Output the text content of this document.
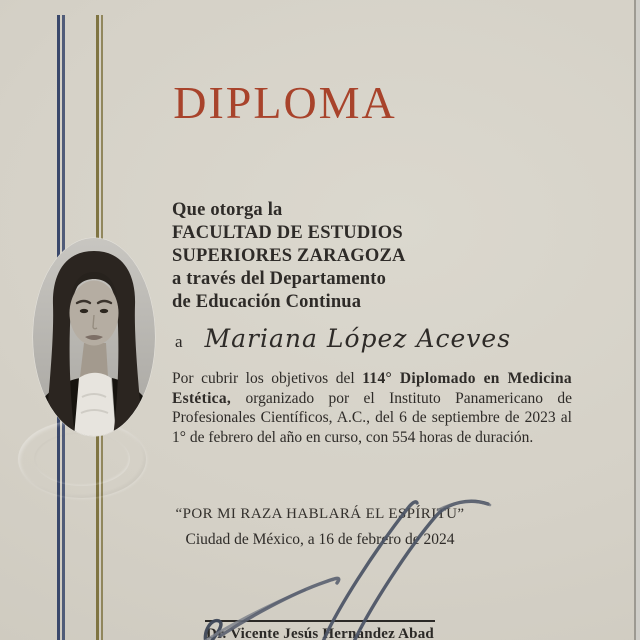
DIPLOMA
Que otorga la
FACULTAD DE ESTUDIOS
SUPERIORES ZARAGOZA
a través del Departamento
de Educación Continua
a Mariana López Aceves

Por cubrir los objetivos del 114° Diplomado en Medicina Estética, organizado por el Instituto Panamericano de Profesionales Científicos, A.C., del 6 de septiembre de 2023 al 1° de febrero del año en curso, con 554 horas de duración.

“POR MI RAZA HABLARÁ EL ESPÍRITU”
Ciudad de México, a 16 de febrero de 2024
Dr. Vicente Jesús Hernández Abad
